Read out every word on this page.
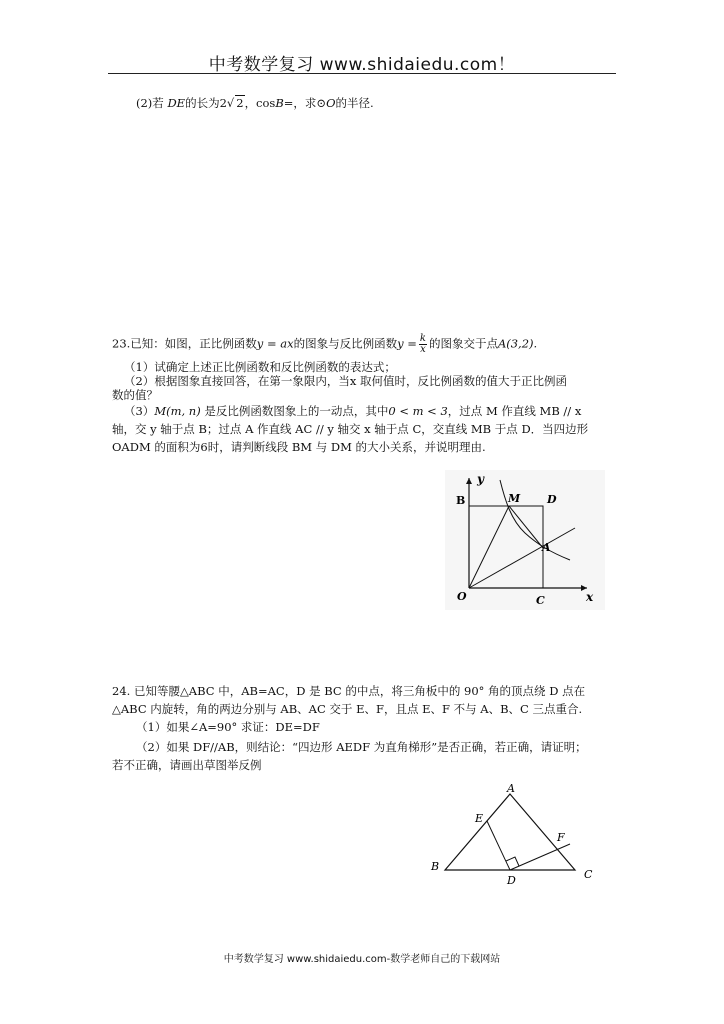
中考数学复习 www.shidaiedu.com！
(2)若 DE的长为2√ 2，cosB=，求⊙O的半径.
23.已知：如图，正比例函数y = ax的图象与反比例函数$y = \frac{k}{x}$ 的图象交于点A(3,2).
（1）试确定上述正比例函数和反比例函数的表达式；
（2）根据图象直接回答，在第一象限内，当x 取何值时，反比例函数的值大于正比例函
数的值？
（3）M(m, n) 是反比例函数图象上的一动点，其中0 < m < 3，过点 M 作直线 MB // x
轴，交 y 轴于点 B；过点 A 作直线 AC // y 轴交 x 轴于点 C，交直线 MB 于点 D．当四边形
OADM 的面积为6时，请判断线段 BM 与 DM 的大小关系，并说明理由.
y
B	M D
A
O	C	x
24. 已知等腰△ABC 中，AB=AC，D 是 BC 的中点，将三角板中的 90° 角的顶点绕 D 点在
△ABC 内旋转，角的两边分别与 AB、AC 交于 E、F，且点 E、F 不与 A、B、C 三点重合.
（1）如果∠A=90° 求证：DE=DF
（2）如果 DF//AB，则结论：“四边形 AEDF 为直角梯形”是否正确，若正确，请证明；
若不正确，请画出草图举反例
A
E
F
B
D	C
中考数学复习 www.shidaiedu.com-数学老师自己的下载网站
